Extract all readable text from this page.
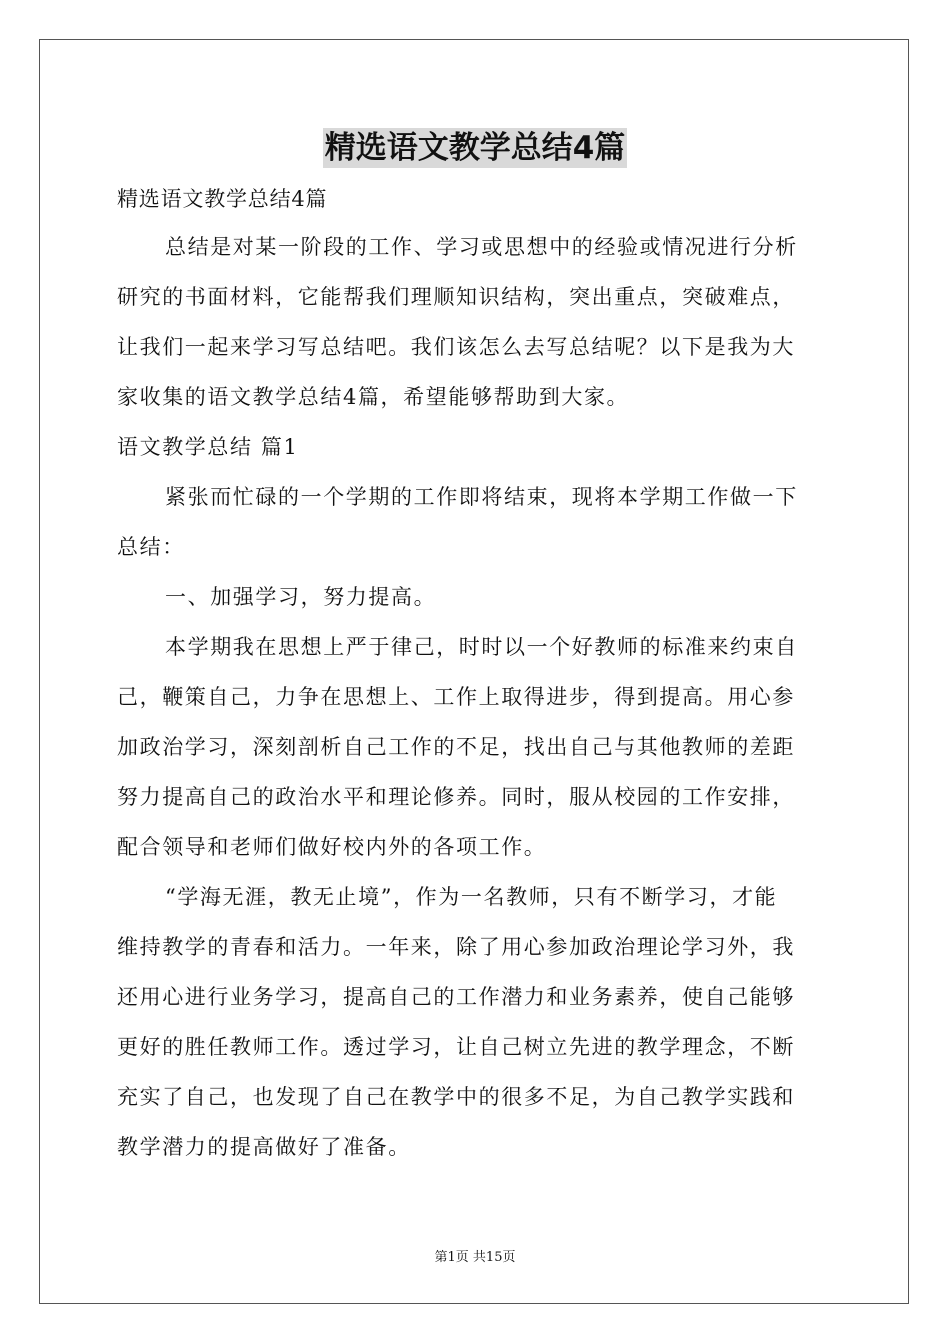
精选语文教学总结4篇
精选语文教学总结4篇
总结是对某一阶段的工作、学习或思想中的经验或情况进行分析
研究的书面材料，它能帮我们理顺知识结构，突出重点，突破难点，
让我们一起来学习写总结吧。我们该怎么去写总结呢？以下是我为大
家收集的语文教学总结4篇，希望能够帮助到大家。
语文教学总结 篇1
紧张而忙碌的一个学期的工作即将结束，现将本学期工作做一下
总结：
一、加强学习，努力提高。
本学期我在思想上严于律己，时时以一个好教师的标准来约束自
己，鞭策自己，力争在思想上、工作上取得进步，得到提高。用心参
加政治学习，深刻剖析自己工作的不足，找出自己与其他教师的差距
努力提高自己的政治水平和理论修养。同时，服从校园的工作安排，
配合领导和老师们做好校内外的各项工作。
“学海无涯，教无止境”，作为一名教师，只有不断学习，才能
维持教学的青春和活力。一年来，除了用心参加政治理论学习外，我
还用心进行业务学习，提高自己的工作潜力和业务素养，使自己能够
更好的胜任教师工作。透过学习，让自己树立先进的教学理念，不断
充实了自己，也发现了自己在教学中的很多不足，为自己教学实践和
教学潜力的提高做好了准备。
第1页 共15页
